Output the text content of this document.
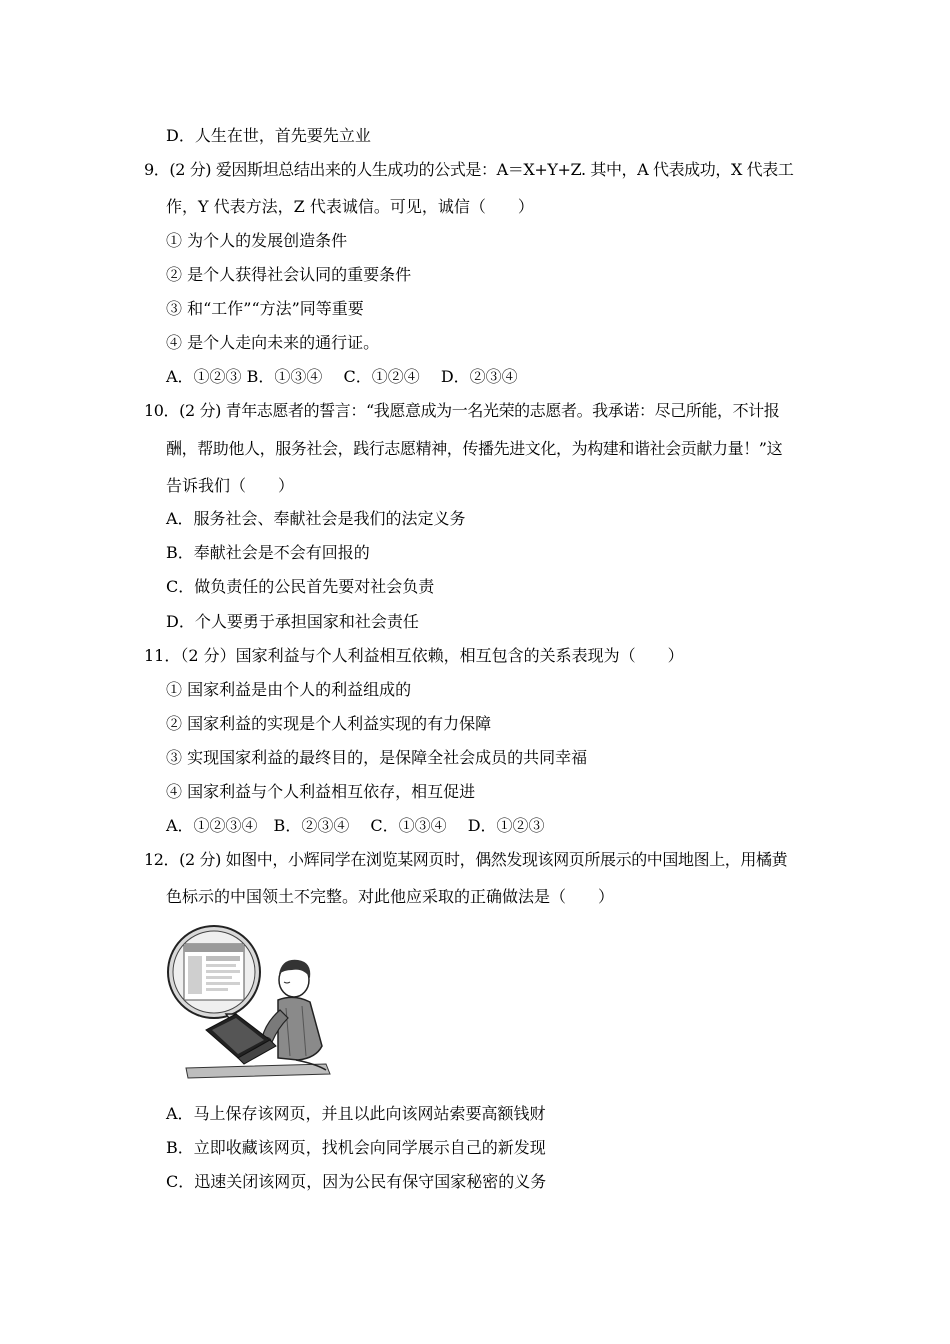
D．人生在世，首先要先立业
9．(2 分) 爱因斯坦总结出来的人生成功的公式是：A＝X+Y+Z. 其中，A 代表成功，X 代表工
作，Y 代表方法，Z 代表诚信。可见，诚信（　　）
① 为个人的发展创造条件
② 是个人获得社会认同的重要条件
③ 和“工作”“方法”同等重要
④ 是个人走向未来的通行证。
A．①②③ B．①③④　 C．①②④　 D．②③④
10．(2 分) 青年志愿者的誓言：“我愿意成为一名光荣的志愿者。我承诺：尽己所能，不计报
酬，帮助他人，服务社会，践行志愿精神，传播先进文化，为构建和谐社会贡献力量！”这
告诉我们（　　）
A．服务社会、奉献社会是我们的法定义务
B．奉献社会是不会有回报的
C．做负责任的公民首先要对社会负责
D．个人要勇于承担国家和社会责任
11．（2 分）国家利益与个人利益相互依赖，相互包含的关系表现为（　　）
① 国家利益是由个人的利益组成的
② 国家利益的实现是个人利益实现的有力保障
③ 实现国家利益的最终目的，是保障全社会成员的共同幸福
④ 国家利益与个人利益相互依存，相互促进
A．①②③④　B．②③④　 C．①③④　 D．①②③
12．(2 分) 如图中，小辉同学在浏览某网页时，偶然发现该网页所展示的中国地图上，用橘黄
色标示的中国领土不完整。对此他应采取的正确做法是（　　）
A．马上保存该网页，并且以此向该网站索要高额钱财
B．立即收藏该网页，找机会向同学展示自己的新发现
C．迅速关闭该网页，因为公民有保守国家秘密的义务
